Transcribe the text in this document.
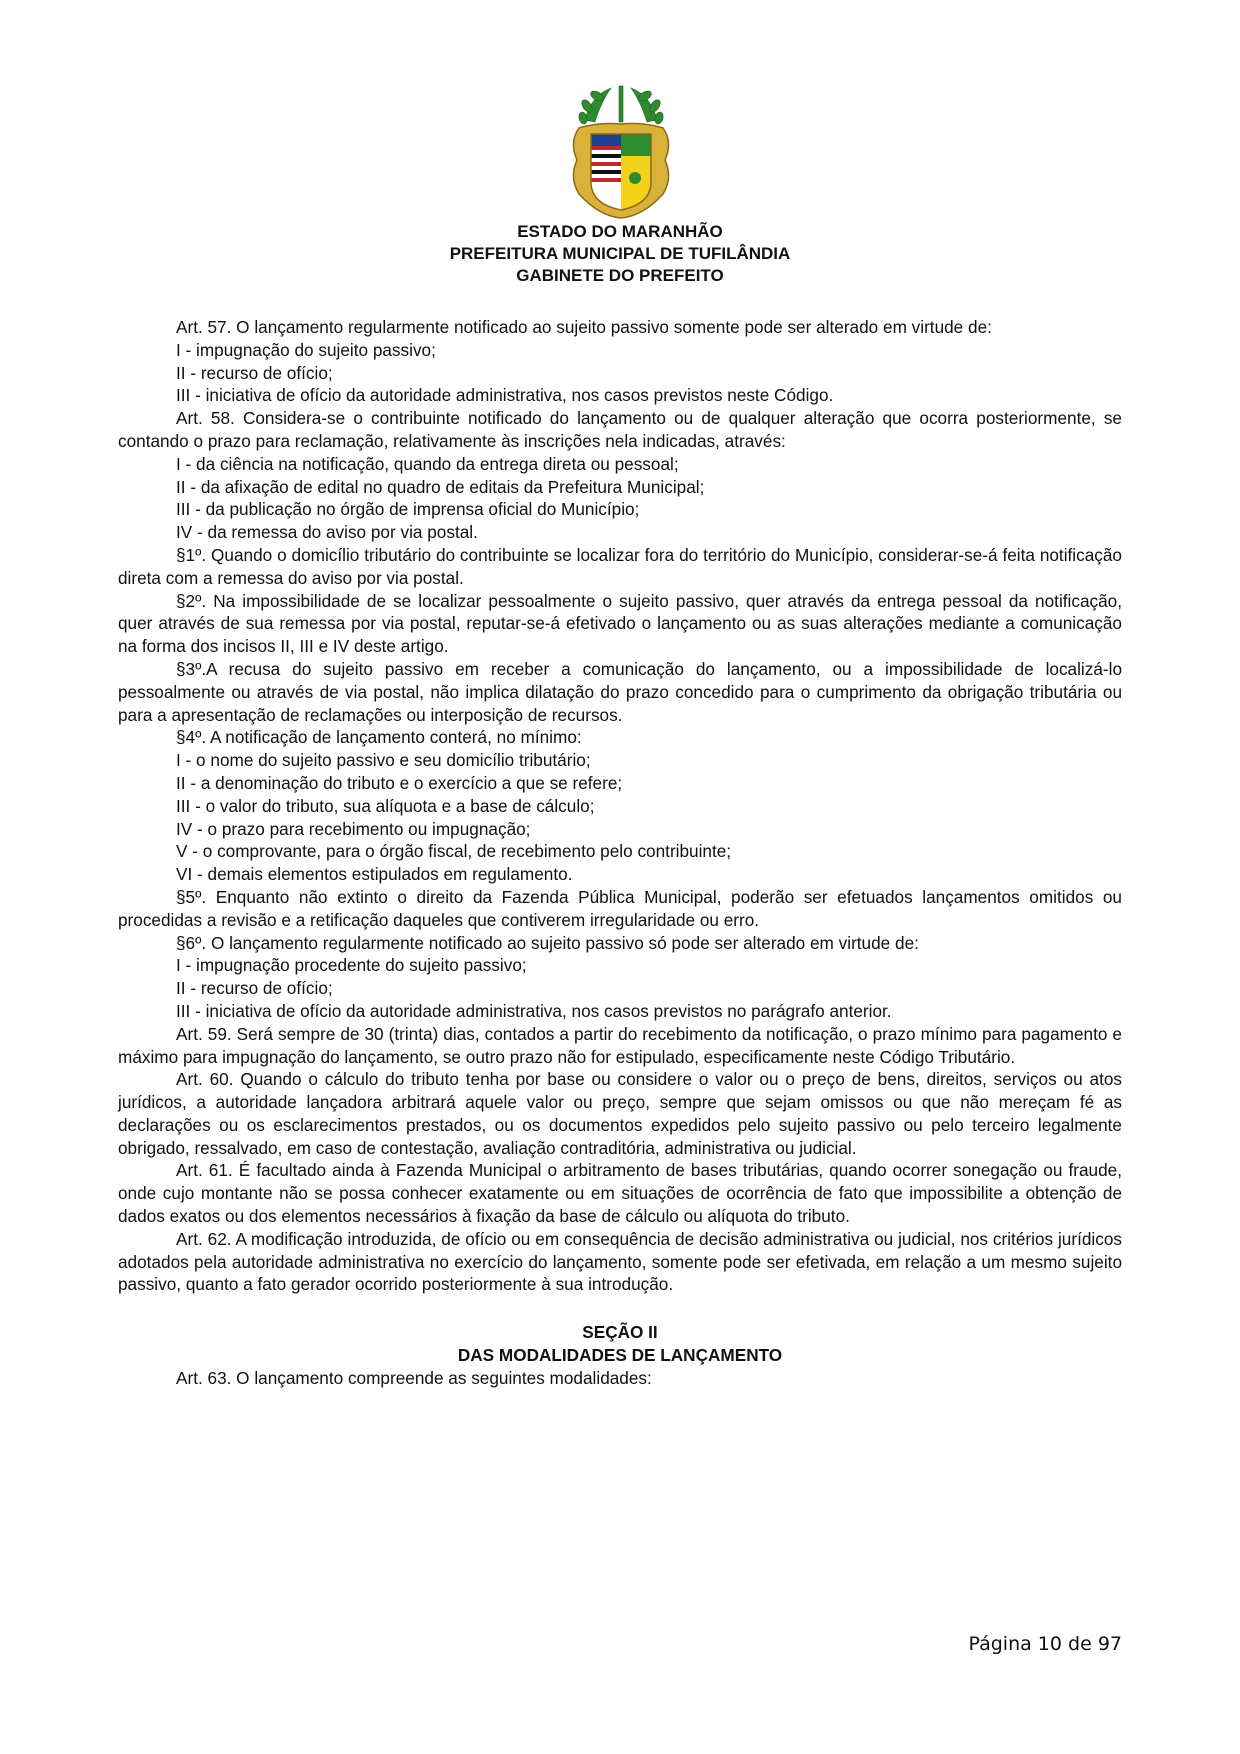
ESTADO DO MARANHÃO
PREFEITURA MUNICIPAL DE TUFILÂNDIA
GABINETE DO PREFEITO

Art. 57. O lançamento regularmente notificado ao sujeito passivo somente pode ser alterado em virtude de:

I - impugnação do sujeito passivo;

II - recurso de ofício;

III - iniciativa de ofício da autoridade administrativa, nos casos previstos neste Código.

Art. 58. Considera-se o contribuinte notificado do lançamento ou de qualquer alteração que ocorra posteriormente, se contando o prazo para reclamação, relativamente às inscrições nela indicadas, através:

I - da ciência na notificação, quando da entrega direta ou pessoal;

II - da afixação de edital no quadro de editais da Prefeitura Municipal;

III - da publicação no órgão de imprensa oficial do Município;

IV - da remessa do aviso por via postal.

§1º. Quando o domicílio tributário do contribuinte se localizar fora do território do Município, considerar-se-á feita notificação direta com a remessa do aviso por via postal.

§2º. Na impossibilidade de se localizar pessoalmente o sujeito passivo, quer através da entrega pessoal da notificação, quer através de sua remessa por via postal, reputar-se-á efetivado o lançamento ou as suas alterações mediante a comunicação na forma dos incisos II, III e IV deste artigo.

§3º.A recusa do sujeito passivo em receber a comunicação do lançamento, ou a impossibilidade de localizá-lo pessoalmente ou através de via postal, não implica dilatação do prazo concedido para o cumprimento da obrigação tributária ou para a apresentação de reclamações ou interposição de recursos.

§4º. A notificação de lançamento conterá, no mínimo:

I - o nome do sujeito passivo e seu domicílio tributário;

II - a denominação do tributo e o exercício a que se refere;

III - o valor do tributo, sua alíquota e a base de cálculo;

IV - o prazo para recebimento ou impugnação;

V - o comprovante, para o órgão fiscal, de recebimento pelo contribuinte;

VI - demais elementos estipulados em regulamento.

§5º. Enquanto não extinto o direito da Fazenda Pública Municipal, poderão ser efetuados lançamentos omitidos ou procedidas a revisão e a retificação daqueles que contiverem irregularidade ou erro.

§6º. O lançamento regularmente notificado ao sujeito passivo só pode ser alterado em virtude de:

I - impugnação procedente do sujeito passivo;

II - recurso de ofício;

III - iniciativa de ofício da autoridade administrativa, nos casos previstos no parágrafo anterior.

Art. 59. Será sempre de 30 (trinta) dias, contados a partir do recebimento da notificação, o prazo mínimo para pagamento e máximo para impugnação do lançamento, se outro prazo não for estipulado, especificamente neste Código Tributário.

Art. 60. Quando o cálculo do tributo tenha por base ou considere o valor ou o preço de bens, direitos, serviços ou atos jurídicos, a autoridade lançadora arbitrará aquele valor ou preço, sempre que sejam omissos ou que não mereçam fé as declarações ou os esclarecimentos prestados, ou os documentos expedidos pelo sujeito passivo ou pelo terceiro legalmente obrigado, ressalvado, em caso de contestação, avaliação contraditória, administrativa ou judicial.

Art. 61. É facultado ainda à Fazenda Municipal o arbitramento de bases tributárias, quando ocorrer sonegação ou fraude, onde cujo montante não se possa conhecer exatamente ou em situações de ocorrência de fato que impossibilite a obtenção de dados exatos ou dos elementos necessários à fixação da base de cálculo ou alíquota do tributo.

Art. 62. A modificação introduzida, de ofício ou em consequência de decisão administrativa ou judicial, nos critérios jurídicos adotados pela autoridade administrativa no exercício do lançamento, somente pode ser efetivada, em relação a um mesmo sujeito passivo, quanto a fato gerador ocorrido posteriormente à sua introdução.

SEÇÃO II

DAS MODALIDADES DE LANÇAMENTO

Art. 63. O lançamento compreende as seguintes modalidades:

Página 10 de 97
